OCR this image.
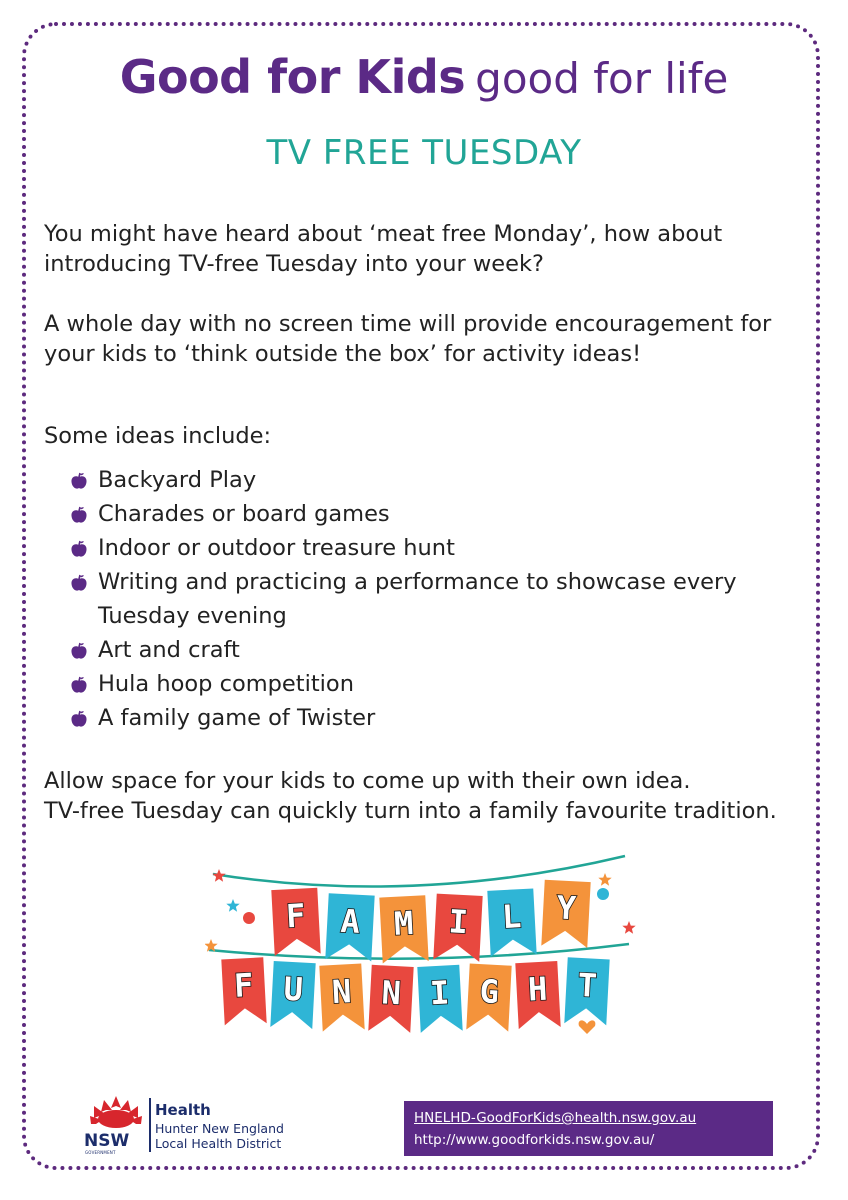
Good for Kids good for life
TV FREE TUESDAY

You might have heard about ‘meat free Monday’, how about introducing TV-free Tuesday into your week?

A whole day with no screen time will provide encouragement for your kids to ‘think outside the box’ for activity ideas!

Some ideas include:

Backyard Play
Charades or board games
Indoor or outdoor treasure hunt
Writing and practicing a performance to showcase every Tuesday evening
Art and craft
Hula hoop competition
A family game of Twister

Allow space for your kids to come up with their own idea.

TV-free Tuesday can quickly turn into a family favourite tradition.

F A M I L Y
F U N N I G H T
NSW
GOVERNMENT
Health
Hunter New England
Local Health District
HNELHD-GoodForKids@health.nsw.gov.au
http://www.goodforkids.nsw.gov.au/
